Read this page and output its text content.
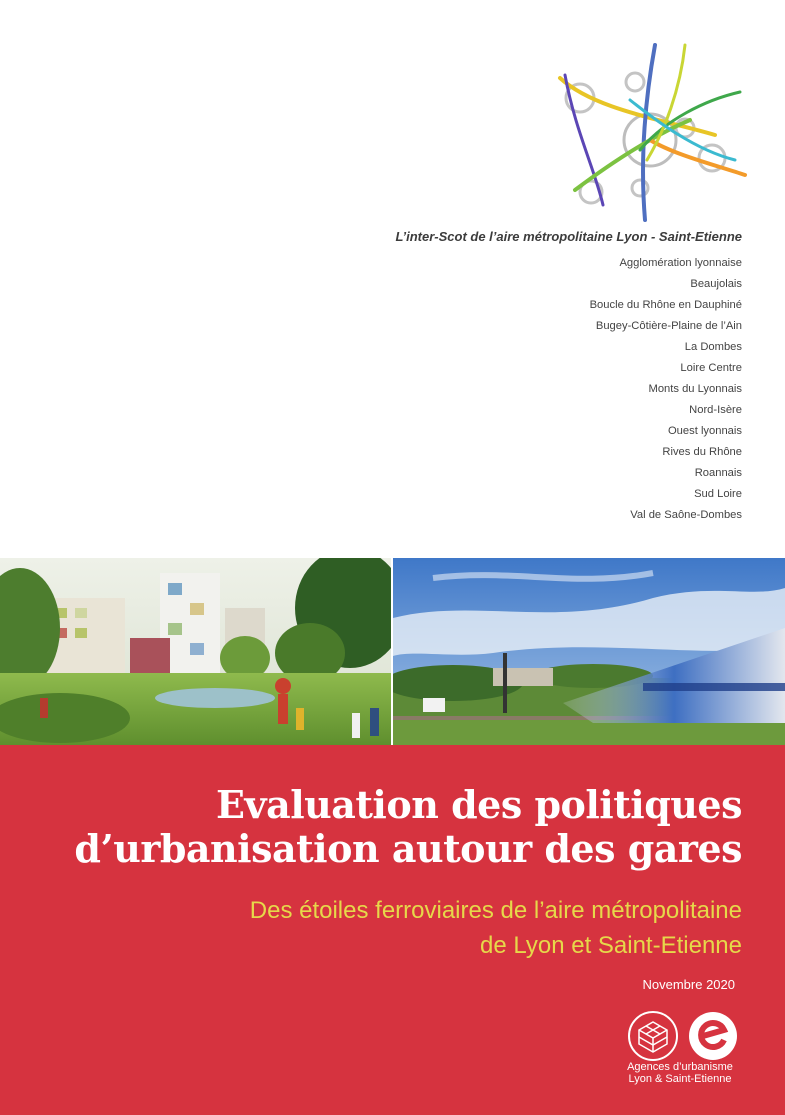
L’inter-Scot de l’aire métropolitaine Lyon - Saint-Etienne
Agglomération lyonnaise
Beaujolais
Boucle du Rhône en Dauphiné
Bugey-Côtière-Plaine de l’Ain
La Dombes
Loire Centre
Monts du Lyonnais
Nord-Isère
Ouest lyonnais
Rives du Rhône
Roannais
Sud Loire
Val de Saône-Dombes
Evaluation des politiques
d’urbanisation autour des gares

Des étoiles ferroviaires de l’aire métropolitaine
de Lyon et Saint-Etienne

Novembre 2020
Agences d’urbanisme
Lyon & Saint-Etienne
